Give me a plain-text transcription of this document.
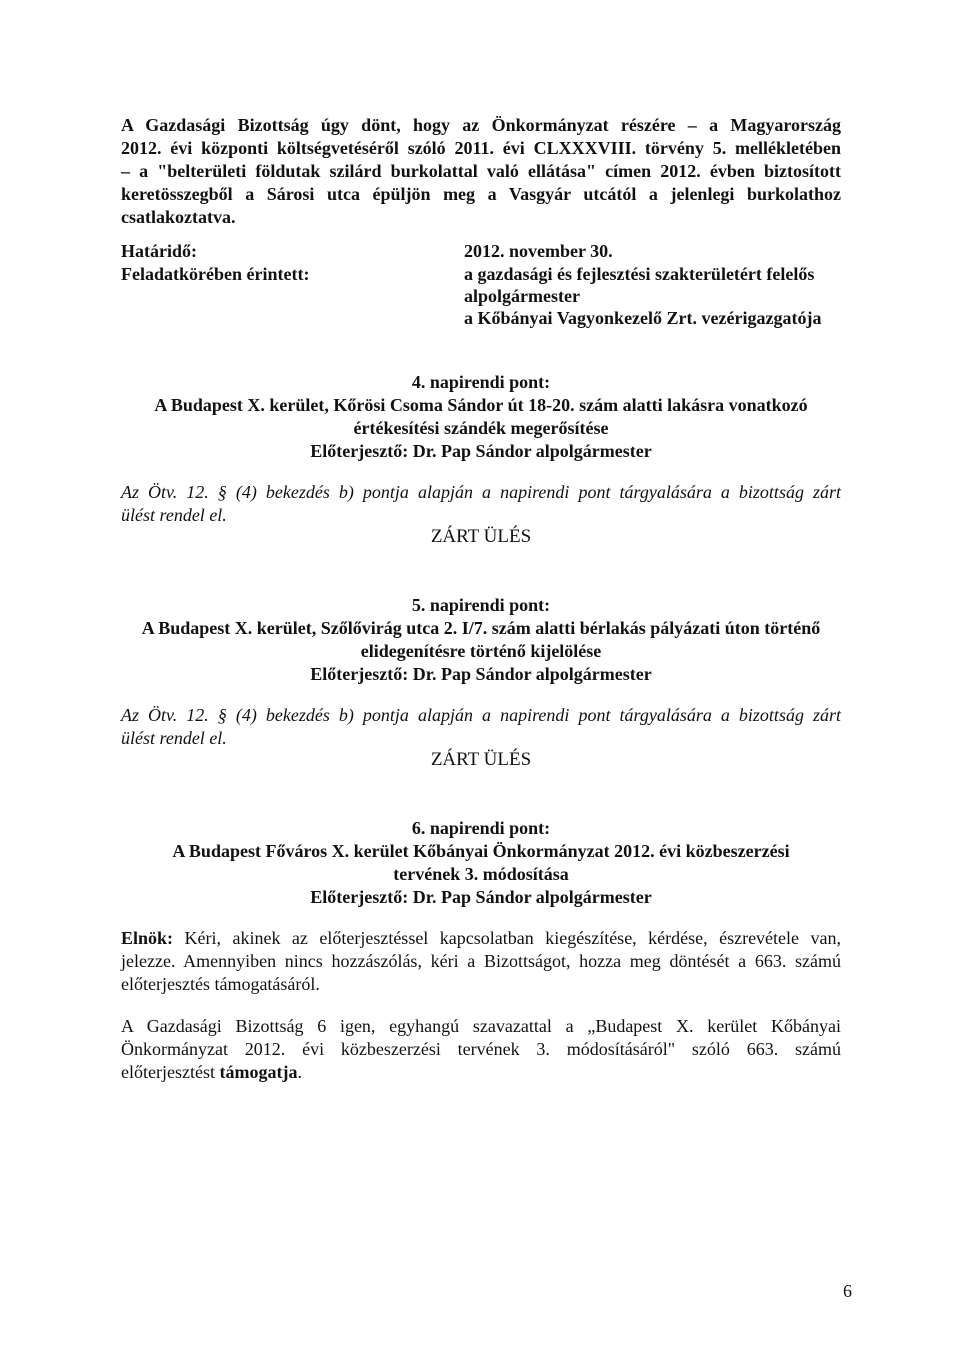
A Gazdasági Bizottság úgy dönt, hogy az Önkormányzat részére – a Magyarország
2012. évi központi költségvetéséről szóló 2011. évi CLXXXVIII. törvény 5. mellékletében
– a "belterületi földutak szilárd burkolattal való ellátása" címen 2012. évben biztosított
keretösszegből a Sárosi utca épüljön meg a Vasgyár utcától a jelenlegi burkolathoz
csatlakoztatva.
Határidő:	2012. november 30.
Feladatkörében érintett:	a gazdasági és fejlesztési szakterületért felelős
alpolgármester
a Kőbányai Vagyonkezelő Zrt. vezérigazgatója
4. napirendi pont:
A Budapest X. kerület, Kőrösi Csoma Sándor út 18-20. szám alatti lakásra vonatkozó
értékesítési szándék megerősítése
Előterjesztő: Dr. Pap Sándor alpolgármester
Az Ötv. 12. § (4) bekezdés b) pontja alapján a napirendi pont tárgyalására a bizottság zárt
ülést rendel el.
ZÁRT ÜLÉS
5. napirendi pont:
A Budapest X. kerület, Szőlővirág utca 2. I/7. szám alatti bérlakás pályázati úton történő
elidegenítésre történő kijelölése
Előterjesztő: Dr. Pap Sándor alpolgármester
Az Ötv. 12. § (4) bekezdés b) pontja alapján a napirendi pont tárgyalására a bizottság zárt
ülést rendel el.
ZÁRT ÜLÉS
6. napirendi pont:
A Budapest Főváros X. kerület Kőbányai Önkormányzat 2012. évi közbeszerzési
tervének 3. módosítása
Előterjesztő: Dr. Pap Sándor alpolgármester
Elnök: Kéri, akinek az előterjesztéssel kapcsolatban kiegészítése, kérdése, észrevétele van,
jelezze. Amennyiben nincs hozzászólás, kéri a Bizottságot, hozza meg döntését a 663. számú
előterjesztés támogatásáról.
A Gazdasági Bizottság 6 igen, egyhangú szavazattal a „Budapest X. kerület Kőbányai
Önkormányzat 2012. évi közbeszerzési tervének 3. módosításáról" szóló 663. számú
előterjesztést támogatja.
6
